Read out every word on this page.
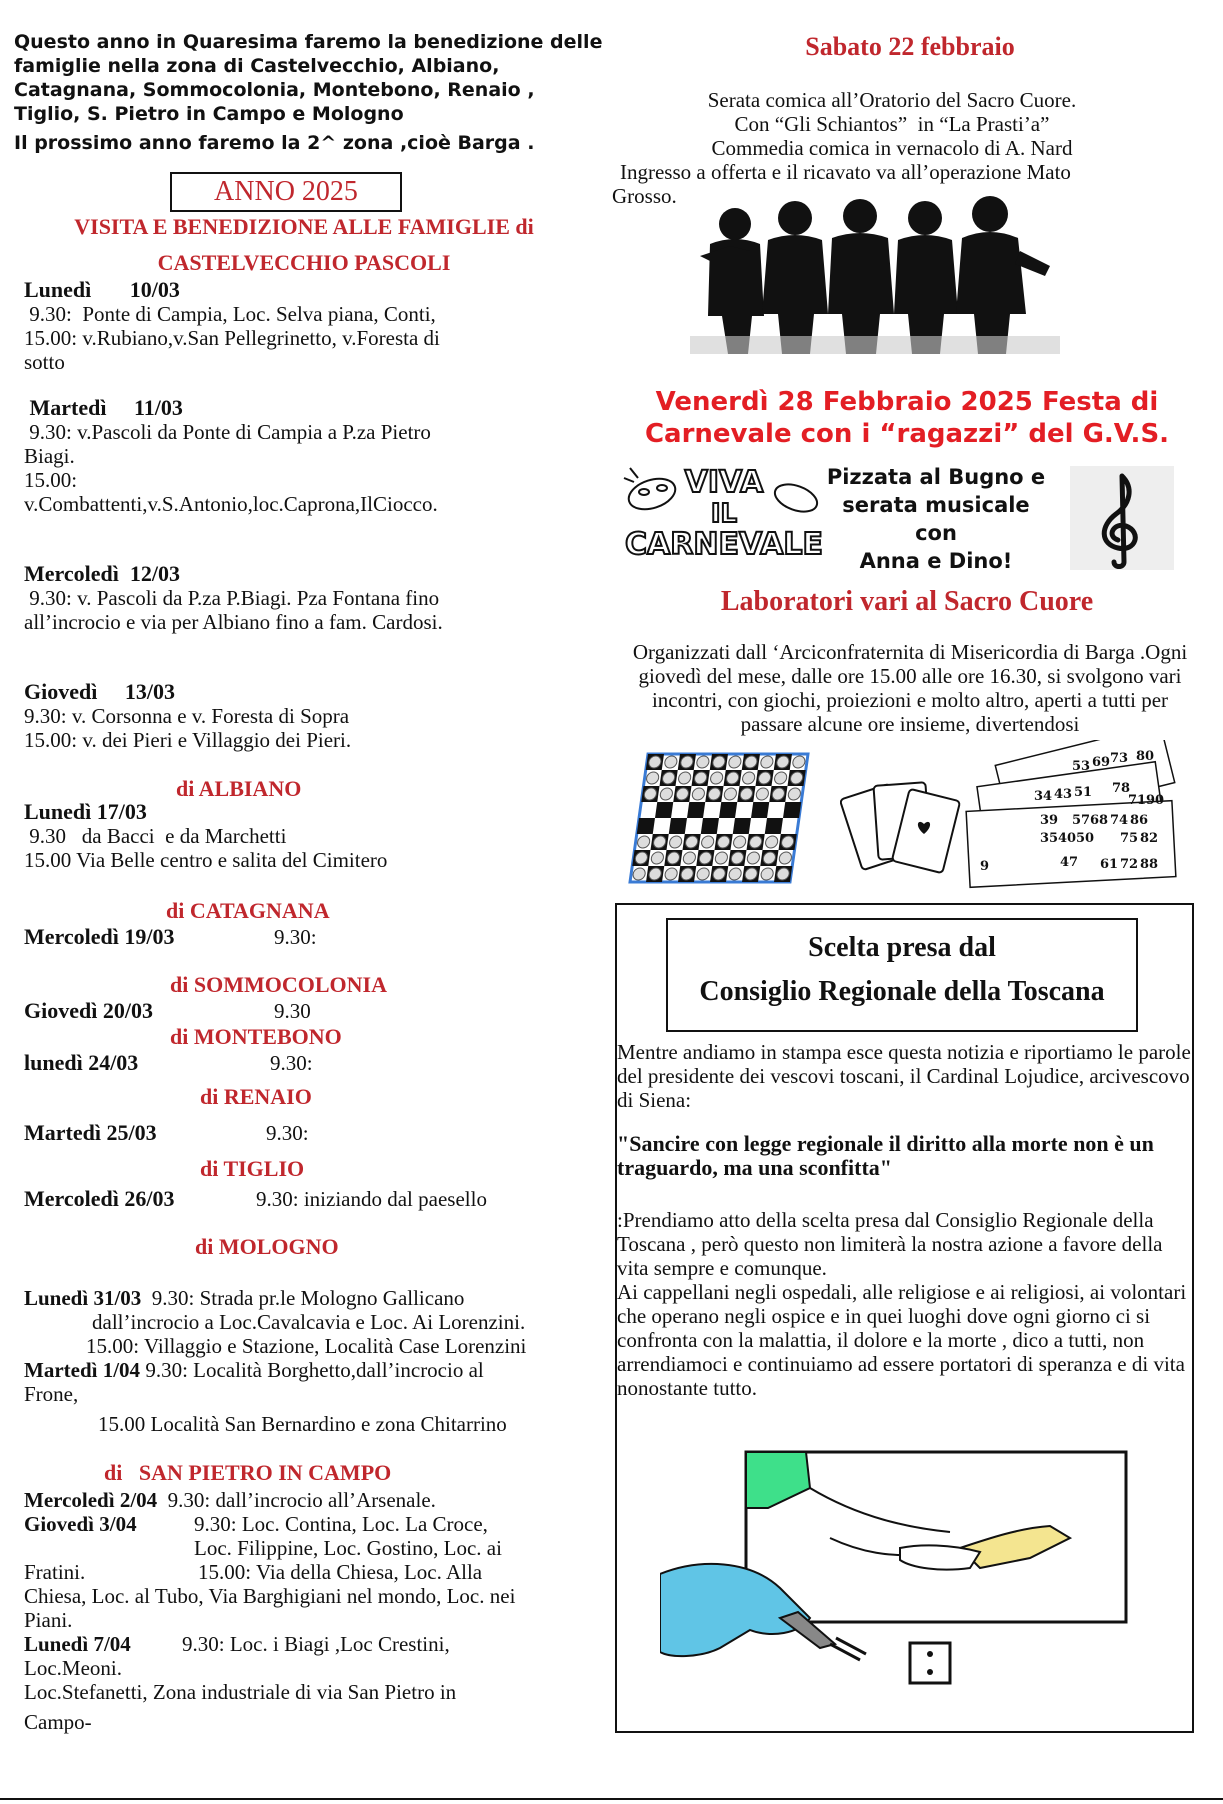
Questo anno in Quaresima faremo la benedizione delle famiglie nella zona di Castelvecchio, Albiano, Catagnana, Sommocolonia, Montebono, Renaio , Tiglio, S. Pietro in Campo e Mologno
Il prossimo anno faremo la 2^ zona ,cioè Barga .
ANNO 2025
VISITA E BENEDIZIONE ALLE FAMIGLIE di
CASTELVECCHIO PASCOLI
Lunedì       10/03
9.30:  Ponte di Campia, Loc. Selva piana, Conti,
15.00: v.Rubiano,v.San Pellegrinetto, v.Foresta di
sotto
Martedì     11/03
9.30: v.Pascoli da Ponte di Campia a P.za Pietro
Biagi.
15.00:
v.Combattenti,v.S.Antonio,loc.Caprona,IlCiocco.
Mercoledì  12/03
9.30: v. Pascoli da P.za P.Biagi. Pza Fontana fino
all’incrocio e via per Albiano fino a fam. Cardosi.
Giovedì     13/03
9.30: v. Corsonna e v. Foresta di Sopra
15.00: v. dei Pieri e Villaggio dei Pieri.
di ALBIANO
Lunedì 17/03
9.30   da Bacci  e da Marchetti
15.00 Via Belle centro e salita del Cimitero
di CATAGNANA
Mercoledì 19/03	9.30:
di SOMMOCOLONIA
Giovedì 20/03	9.30
di MONTEBONO
lunedì 24/03	9.30:
di RENAIO
Martedì 25/03	9.30:
di TIGLIO
Mercoledì 26/03	9.30: iniziando dal paesello
di MOLOGNO
Lunedì 31/03 9.30: Strada pr.le Mologno Gallicano
dall’incrocio a Loc.Cavalcavia e Loc. Ai Lorenzini.
15.00: Villaggio e Stazione, Località Case Lorenzini
Martedì 1/04 9.30: Località Borghetto,dall’incrocio al
Frone,
15.00 Località San Bernardino e zona Chitarrino
di   SAN PIETRO IN CAMPO
Mercoledì 2/04 9.30: dall’incrocio all’Arsenale.
Giovedì 3/04	9.30: Loc. Contina, Loc. La Croce,
Loc. Filippine, Loc. Gostino, Loc. ai
Fratini.	15.00: Via della Chiesa, Loc. Alla
Chiesa, Loc. al Tubo, Via Barghigiani nel mondo, Loc. nei
Piani.
Lunedì 7/04 9.30: Loc. i Biagi ,Loc Crestini,
Loc.Meoni.
Loc.Stefanetti, Zona industriale di via San Pietro in
Campo-
Sabato 22 febbraio
Serata comica all’Oratorio del Sacro Cuore.
Con “Gli Schiantos”  in “La Prasti’a”
Commedia comica in vernacolo di A. Nard
Ingresso a offerta e il ricavato va all’operazione Mato
Grosso.
Venerdì 28 Febbraio 2025 Festa di Carnevale con i “ragazzi” del G.V.S.
VIVA
IL
CARNEVALE
Pizzata al Bugno e
serata musicale con
Anna e Dino!
Laboratori vari al Sacro Cuore
Organizzati dall ‘Arciconfraternita di Misericordia di Barga .Ogni giovedì del mese, dalle ore 15.00 alle ore 16.30, si svolgono vari incontri, con giochi, proiezioni e molto altro, aperti a tutti per passare alcune ore insieme, divertendosi
53 69 73 80
34 43 51 78
71 90
39 57 68 74 86
35 40 50 75 82
9	47 61 72 88
Scelta presa dal
Consiglio Regionale della Toscana

Mentre andiamo in stampa esce questa notizia e riportiamo le parole del presidente dei vescovi toscani, il Cardinal Lojudice, arcivescovo di Siena:

"Sancire con legge regionale il diritto alla morte non è un traguardo, ma una sconfitta"

:Prendiamo atto della scelta presa dal Consiglio Regionale della Toscana , però questo non limiterà la nostra azione a favore della vita sempre e comunque.

Ai cappellani negli ospedali, alle religiose e ai religiosi, ai volontari che operano negli ospice e in quei luoghi dove ogni giorno ci si confronta con la malattia, il dolore e la morte , dico a tutti, non arrendiamoci e continuiamo ad essere portatori di speranza e di vita nonostante tutto.
